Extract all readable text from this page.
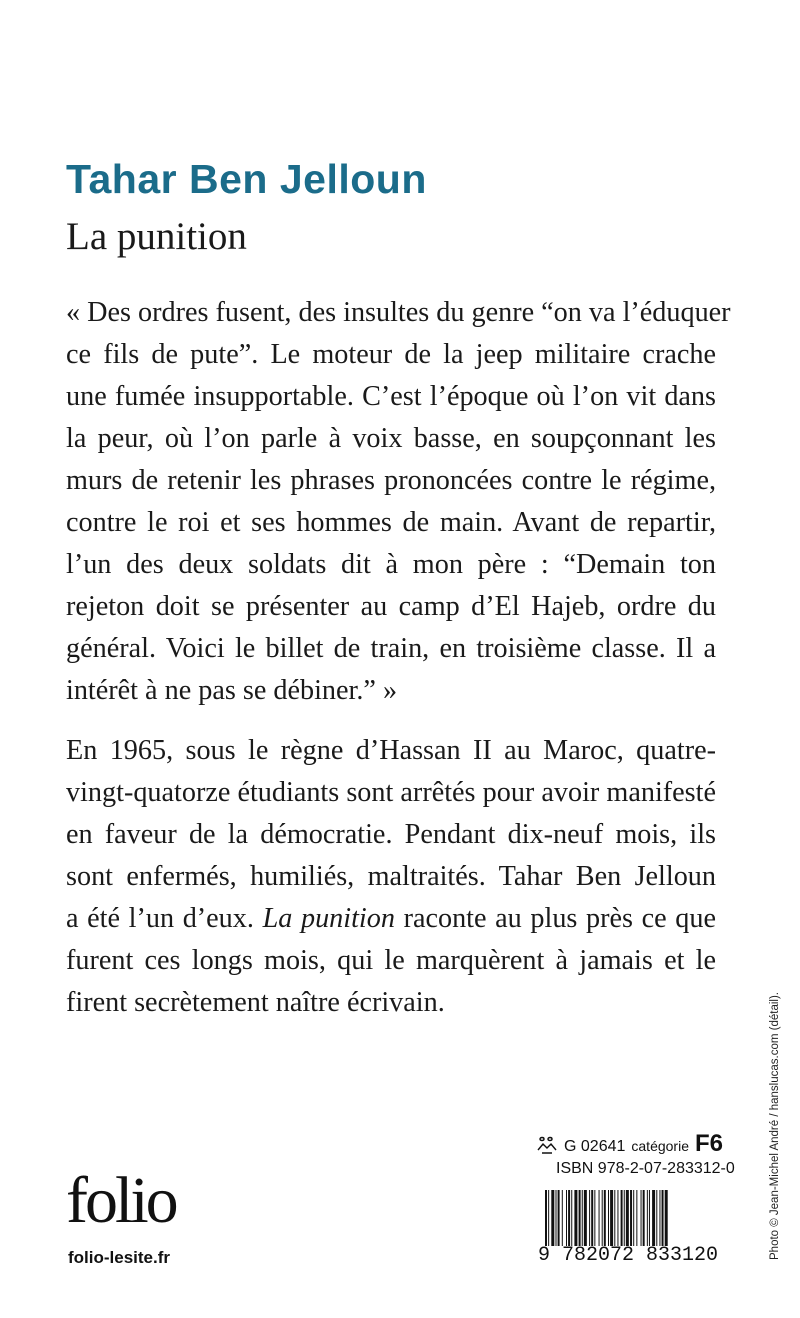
Tahar Ben Jelloun
La punition
« Des ordres fusent, des insultes du genre “on va l’éduquer
ce fils de pute”. Le moteur de la jeep militaire crache
une fumée insupportable. C’est l’époque où l’on vit dans
la peur, où l’on parle à voix basse, en soupçonnant les
murs de retenir les phrases prononcées contre le régime,
contre le roi et ses hommes de main. Avant de repartir,
l’un des deux soldats dit à mon père : “Demain ton
rejeton doit se présenter au camp d’El Hajeb, ordre du
général. Voici le billet de train, en troisième classe. Il a
intérêt à ne pas se débiner.” »
En 1965, sous le règne d’Hassan II au Maroc, quatre-
vingt-quatorze étudiants sont arrêtés pour avoir manifesté
en faveur de la démocratie. Pendant dix-neuf mois, ils
sont enfermés, humiliés, maltraités. Tahar Ben Jelloun
a été l’un d’eux. La punition raconte au plus près ce que
furent ces longs mois, qui le marquèrent à jamais et le
firent secrètement naître écrivain.
G 02641 catégorie F6
ISBN 978-2-07-283312-0
9 782072 833120
folio
folio-lesite.fr	Photo © Jean-Michel André / hanslucas.com (détail).
